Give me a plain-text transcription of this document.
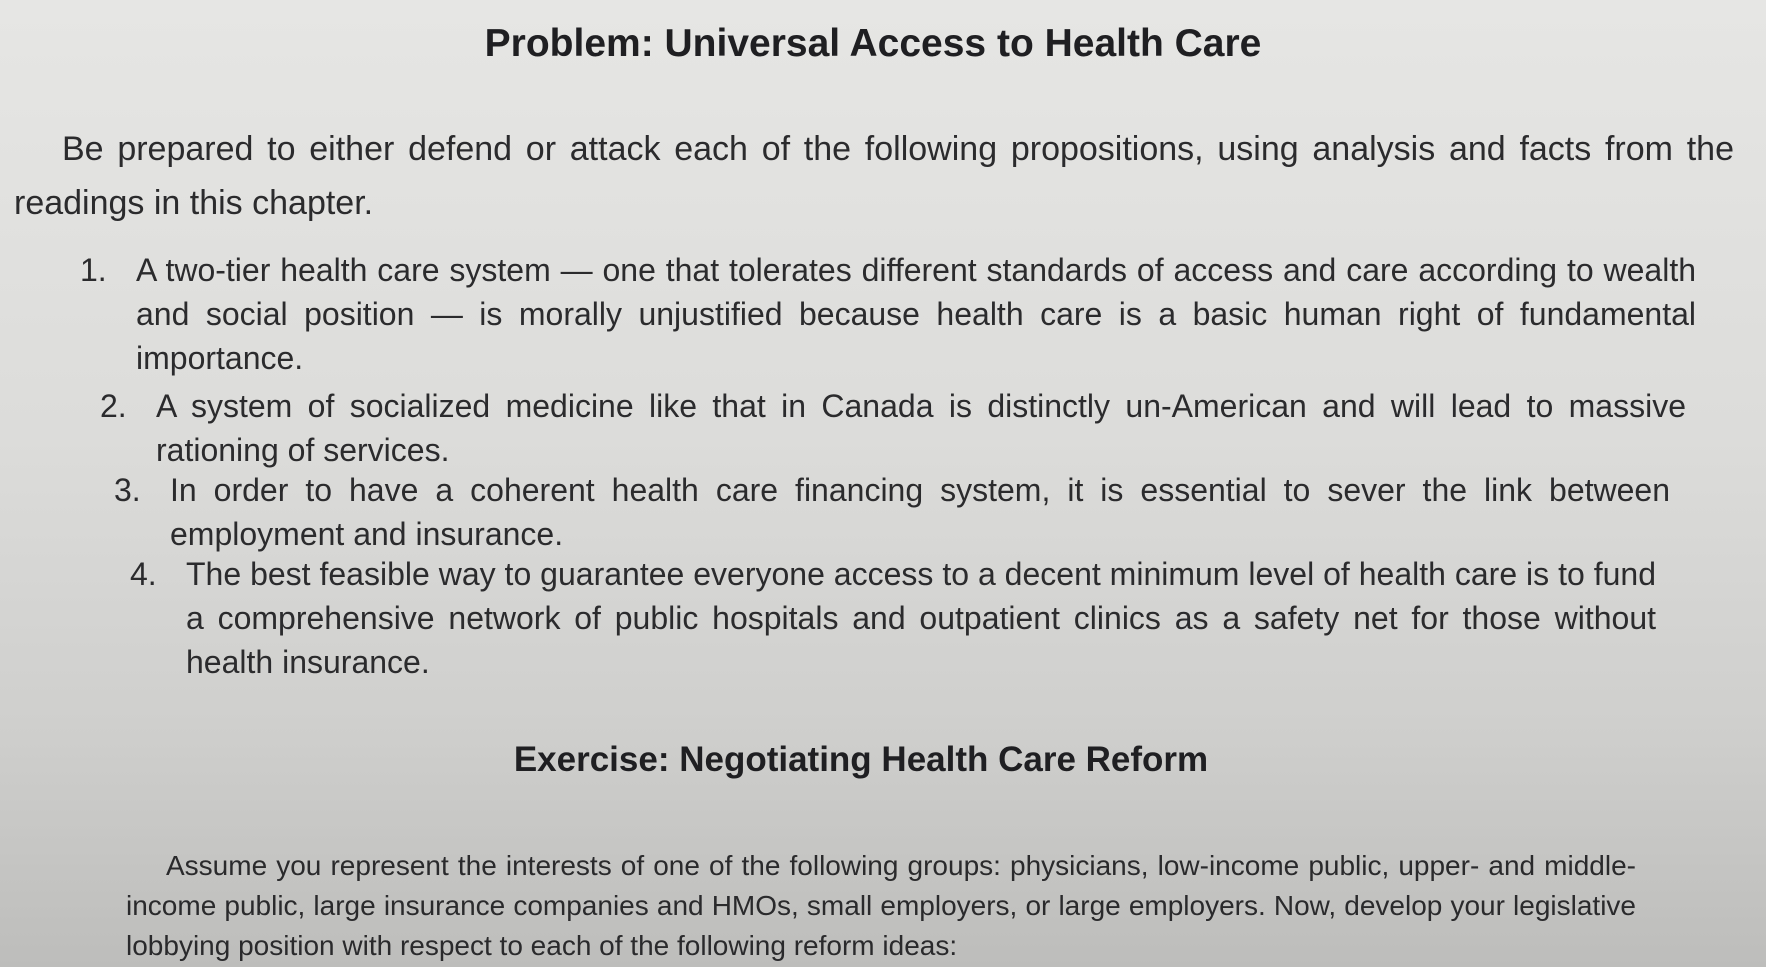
Problem: Universal Access to Health Care

Be prepared to either defend or attack each of the following propositions, using analysis and facts from the readings in this chapter.

1. A two-tier health care system — one that tolerates different standards of access and care according to wealth and social position — is morally unjustified because health care is a basic human right of fundamental importance.
2. A system of socialized medicine like that in Canada is distinctly un-American and will lead to massive rationing of services.
3. In order to have a coherent health care financing system, it is essential to sever the link between employment and insurance.
4. The best feasible way to guarantee everyone access to a decent minimum level of health care is to fund a comprehensive network of public hospitals and outpatient clinics as a safety net for those without health insurance.
Exercise: Negotiating Health Care Reform

Assume you represent the interests of one of the following groups: physicians, low-income public, upper- and middle-income public, large insurance companies and HMOs, small employers, or large employers. Now, develop your legislative lobbying position with respect to each of the following reform ideas:
